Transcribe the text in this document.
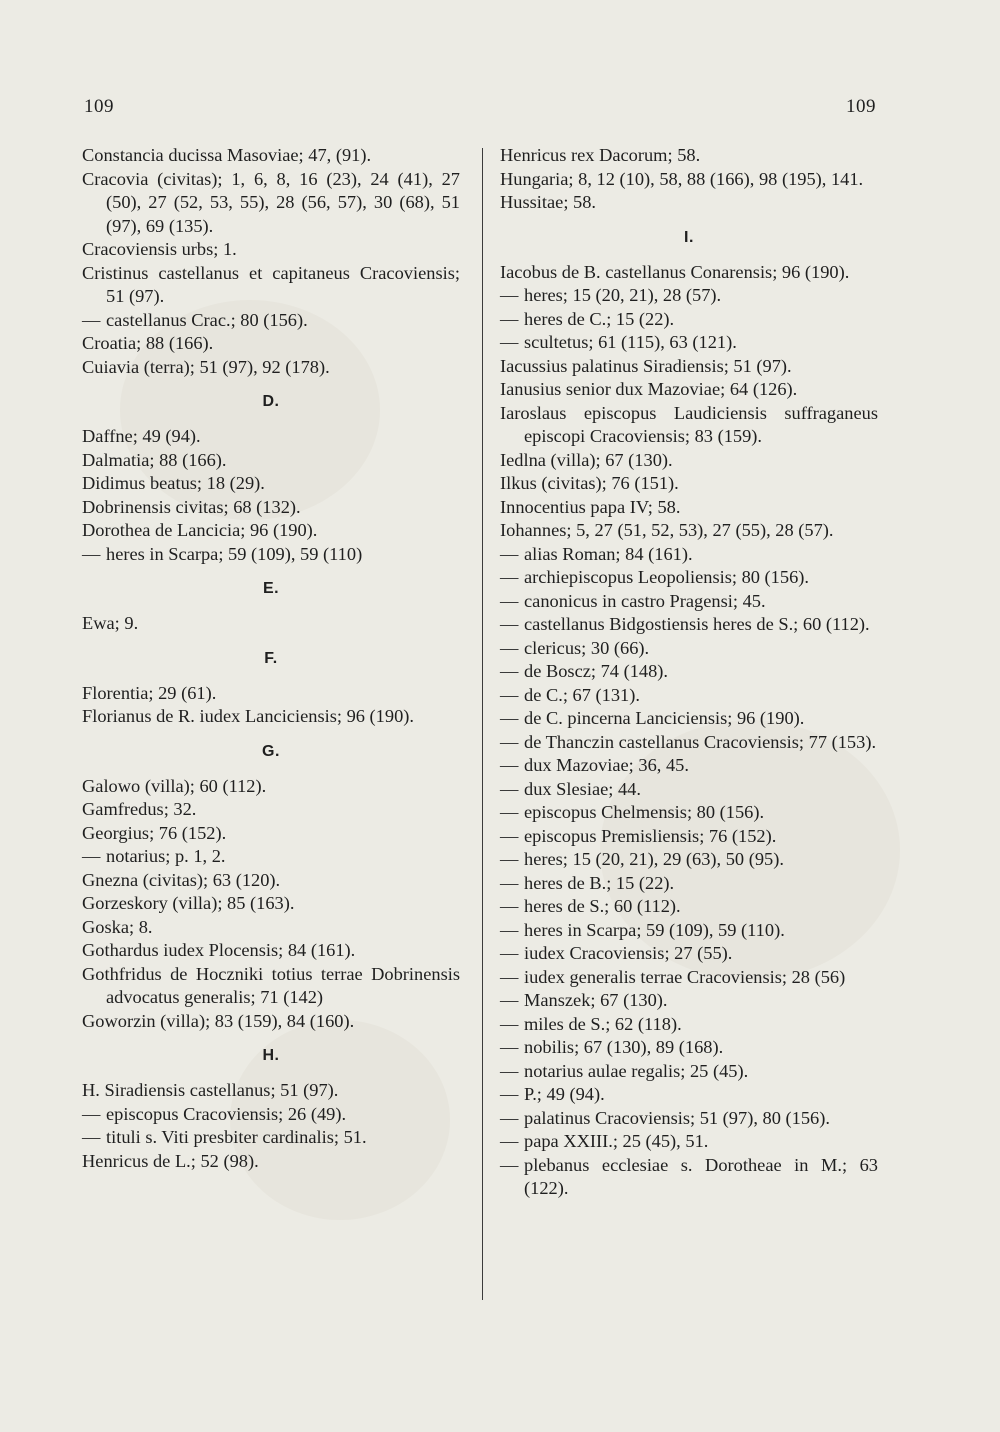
109	109
Constancia ducissa Masoviae; 47, (91).
Cracovia (civitas); 1, 6, 8, 16 (23), 24 (41), 27 (50), 27 (52, 53, 55), 28 (56, 57), 30 (68), 51 (97), 69 (135).
Cracoviensis urbs; 1.
Cristinus castellanus et capitaneus Cracoviensis; 51 (97).
— castellanus Crac.; 80 (156).
Croatia; 88 (166).
Cuiavia (terra); 51 (97), 92 (178).
D.
Daffne; 49 (94).
Dalmatia; 88 (166).
Didimus beatus; 18 (29).
Dobrinensis civitas; 68 (132).
Dorothea de Lancicia; 96 (190).
— heres in Scarpa; 59 (109), 59 (110)
E.
Ewa; 9.
F.
Florentia; 29 (61).
Florianus de R. iudex Lanciciensis; 96 (190).
G.
Galowo (villa); 60 (112).
Gamfredus; 32.
Georgius; 76 (152).
— notarius; p. 1, 2.
Gnezna (civitas); 63 (120).
Gorzeskory (villa); 85 (163).
Goska; 8.
Gothardus iudex Plocensis; 84 (161).
Gothfridus de Hoczniki totius terrae Dobrinensis advocatus generalis; 71 (142)
Goworzin (villa); 83 (159), 84 (160).
H.
H. Siradiensis castellanus; 51 (97).
— episcopus Cracoviensis; 26 (49).
— tituli s. Viti presbiter cardinalis; 51.
Henricus de L.; 52 (98).
Henricus rex Dacorum; 58.
Hungaria; 8, 12 (10), 58, 88 (166), 98 (195), 141.
Hussitae; 58.
I.
Iacobus de B. castellanus Conarensis; 96 (190).
— heres; 15 (20, 21), 28 (57).
— heres de C.; 15 (22).
— scultetus; 61 (115), 63 (121).
Iacussius palatinus Siradiensis; 51 (97).
Ianusius senior dux Mazoviae; 64 (126).
Iaroslaus episcopus Laudiciensis suffraganeus episcopi Cracoviensis; 83 (159).
Iedlna (villa); 67 (130).
Ilkus (civitas); 76 (151).
Innocentius papa IV; 58.
Iohannes; 5, 27 (51, 52, 53), 27 (55), 28 (57).
— alias Roman; 84 (161).
— archiepiscopus Leopoliensis; 80 (156).
— canonicus in castro Pragensi; 45.
— castellanus Bidgostiensis heres de S.; 60 (112).
— clericus; 30 (66).
— de Boscz; 74 (148).
— de C.; 67 (131).
— de C. pincerna Lanciciensis; 96 (190).
— de Thanczin castellanus Cracoviensis; 77 (153).
— dux Mazoviae; 36, 45.
— dux Slesiae; 44.
— episcopus Chelmensis; 80 (156).
— episcopus Premisliensis; 76 (152).
— heres; 15 (20, 21), 29 (63), 50 (95).
— heres de B.; 15 (22).
— heres de S.; 60 (112).
— heres in Scarpa; 59 (109), 59 (110).
— iudex Cracoviensis; 27 (55).
— iudex generalis terrae Cracoviensis; 28 (56)
— Manszek; 67 (130).
— miles de S.; 62 (118).
— nobilis; 67 (130), 89 (168).
— notarius aulae regalis; 25 (45).
— P.; 49 (94).
— palatinus Cracoviensis; 51 (97), 80 (156).
— papa XXIII.; 25 (45), 51.
— plebanus ecclesiae s. Dorotheae in M.; 63 (122).
